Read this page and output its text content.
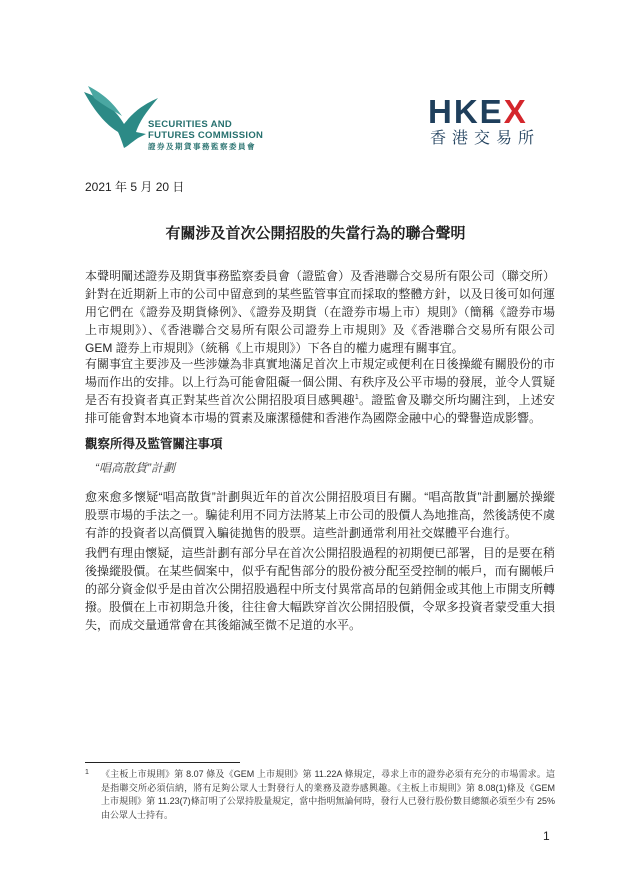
SECURITIES AND
FUTURES COMMISSION
證券及期貨事務監察委員會
HKEX
香港交易所
2021 年 5 月 20 日
有關涉及首次公開招股的失當行為的聯合聲明

本聲明闡述證券及期貨事務監察委員會（證監會）及香港聯合交易所有限公司（聯交所）針對在近期新上市的公司中留意到的某些監管事宜而採取的整體方針，以及日後可如何運用它們在《證券及期貨條例》、《證券及期貨（在證券市場上市）規則》（簡稱《證券市場上市規則》）、《香港聯合交易所有限公司證券上市規則》及《香港聯合交易所有限公司 GEM 證券上市規則》（統稱《上市規則》）下各自的權力處理有關事宜。

有關事宜主要涉及一些涉嫌為非真實地滿足首次上市規定或便利在日後操縱有關股份的市場而作出的安排。以上行為可能會阻礙一個公開、有秩序及公平市場的發展，並令人質疑是否有投資者真正對某些首次公開招股項目感興趣$^1$。證監會及聯交所均關注到，上述安排可能會對本地資本市場的質素及廉潔穩健和香港作為國際金融中心的聲譽造成影響。

觀察所得及監管關注事項
“唱高散貨”計劃

愈來愈多懷疑“唱高散貨”計劃與近年的首次公開招股項目有關。“唱高散貨”計劃屬於操縱股票市場的手法之一。騙徒利用不同方法將某上市公司的股價人為地推高，然後誘使不虞有詐的投資者以高價買入騙徒拋售的股票。這些計劃通常利用社交媒體平台進行。

我們有理由懷疑，這些計劃有部分早在首次公開招股過程的初期便已部署，目的是要在稍後操縱股價。在某些個案中，似乎有配售部分的股份被分配至受控制的帳戶，而有關帳戶的部分資金似乎是由首次公開招股過程中所支付異常高昂的包銷佣金或其他上市開支所轉撥。股價在上市初期急升後，往往會大幅跌穿首次公開招股價，令眾多投資者蒙受重大損失，而成交量通常會在其後縮減至微不足道的水平。

1 《主板上市規則》第 8.07 條及《GEM 上市規則》第 11.22A 條規定，尋求上市的證券必須有充分的市場需求。這是指聯交所必須信納，將有足夠公眾人士對發行人的業務及證券感興趣。《主板上市規則》第 8.08(1)條及《GEM 上市規則》第 11.23(7)條訂明了公眾持股量規定，當中指明無論何時，發行人已發行股份數目總額必須至少有 25%由公眾人士持有。
1
